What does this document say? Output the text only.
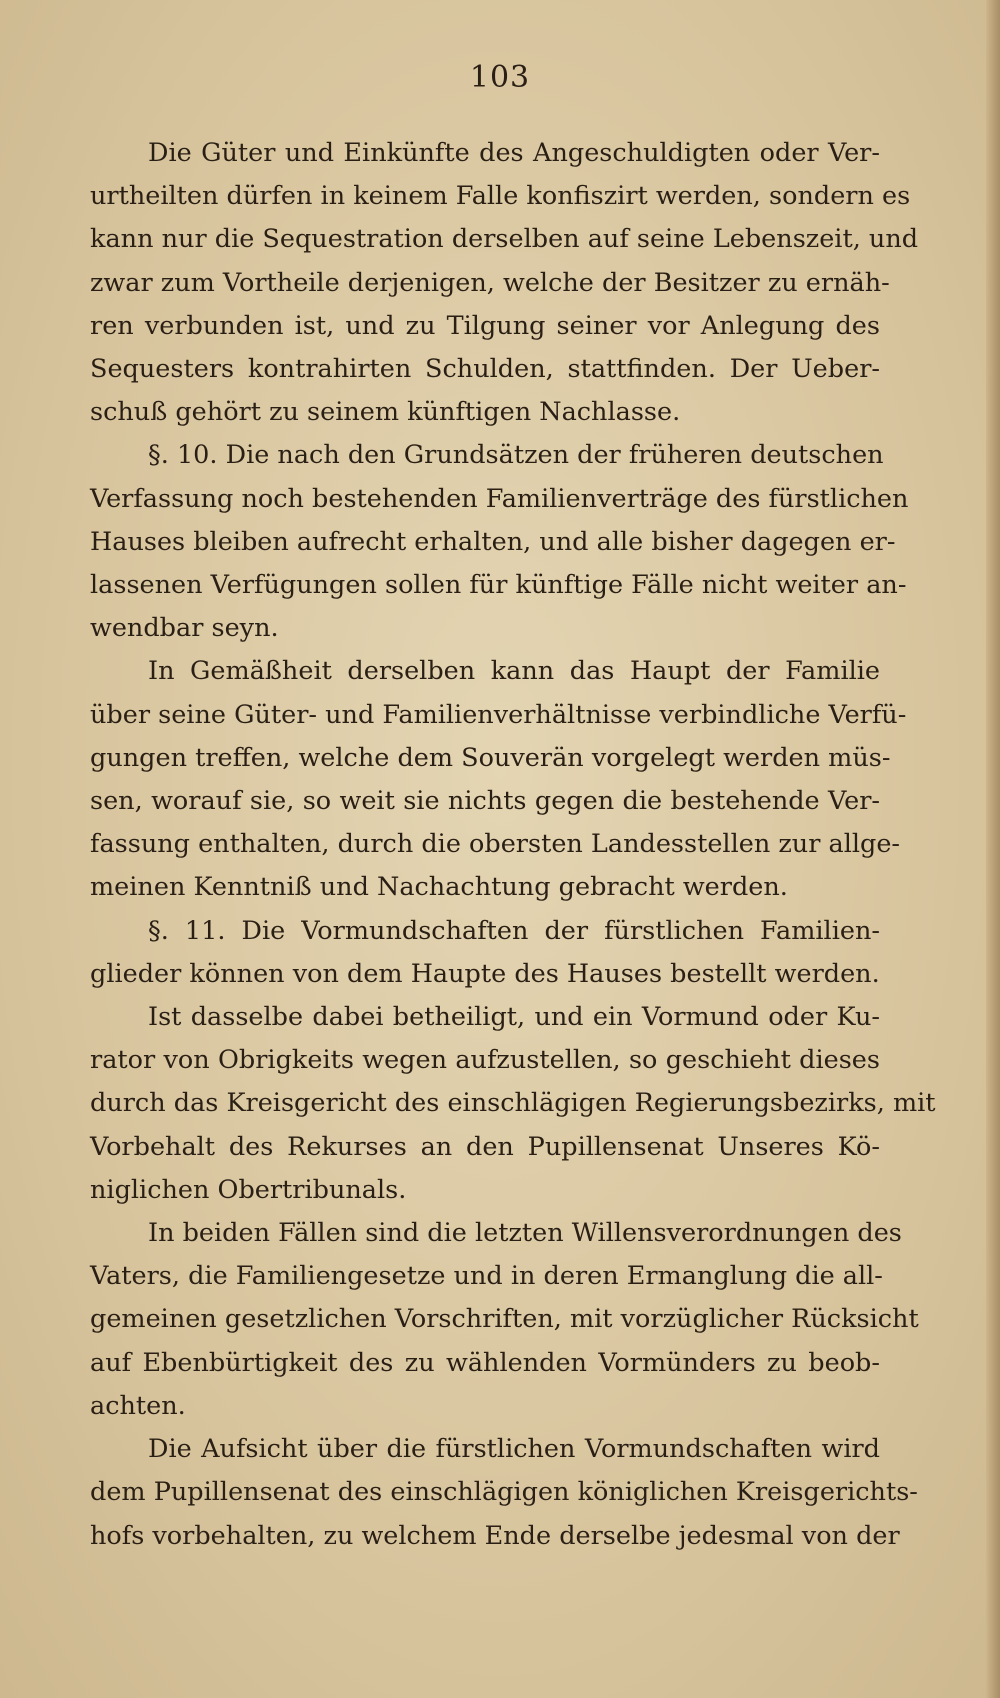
103
Die Güter und Einkünfte des Angeschuldigten oder Ver-
urtheilten dürfen in keinem Falle konfiszirt werden, sondern es
kann nur die Sequestration derselben auf seine Lebenszeit, und
zwar zum Vortheile derjenigen, welche der Besitzer zu ernäh-
ren verbunden ist, und zu Tilgung seiner vor Anlegung des
Sequesters kontrahirten Schulden, stattfinden. Der Ueber-
schuß gehört zu seinem künftigen Nachlasse.
§. 10. Die nach den Grundsätzen der früheren deutschen
Verfassung noch bestehenden Familienverträge des fürstlichen
Hauses bleiben aufrecht erhalten, und alle bisher dagegen er-
lassenen Verfügungen sollen für künftige Fälle nicht weiter an-
wendbar seyn.
In Gemäßheit derselben kann das Haupt der Familie
über seine Güter- und Familienverhältnisse verbindliche Verfü-
gungen treffen, welche dem Souverän vorgelegt werden müs-
sen, worauf sie, so weit sie nichts gegen die bestehende Ver-
fassung enthalten, durch die obersten Landesstellen zur allge-
meinen Kenntniß und Nachachtung gebracht werden.
§. 11. Die Vormundschaften der fürstlichen Familien-
glieder können von dem Haupte des Hauses bestellt werden.
Ist dasselbe dabei betheiligt, und ein Vormund oder Ku-
rator von Obrigkeits wegen aufzustellen, so geschieht dieses
durch das Kreisgericht des einschlägigen Regierungsbezirks, mit
Vorbehalt des Rekurses an den Pupillensenat Unseres Kö-
niglichen Obertribunals.
In beiden Fällen sind die letzten Willensverordnungen des
Vaters, die Familiengesetze und in deren Ermanglung die all-
gemeinen gesetzlichen Vorschriften, mit vorzüglicher Rücksicht
auf Ebenbürtigkeit des zu wählenden Vormünders zu beob-
achten.
Die Aufsicht über die fürstlichen Vormundschaften wird
dem Pupillensenat des einschlägigen königlichen Kreisgerichts-
hofs vorbehalten, zu welchem Ende derselbe jedesmal von der
